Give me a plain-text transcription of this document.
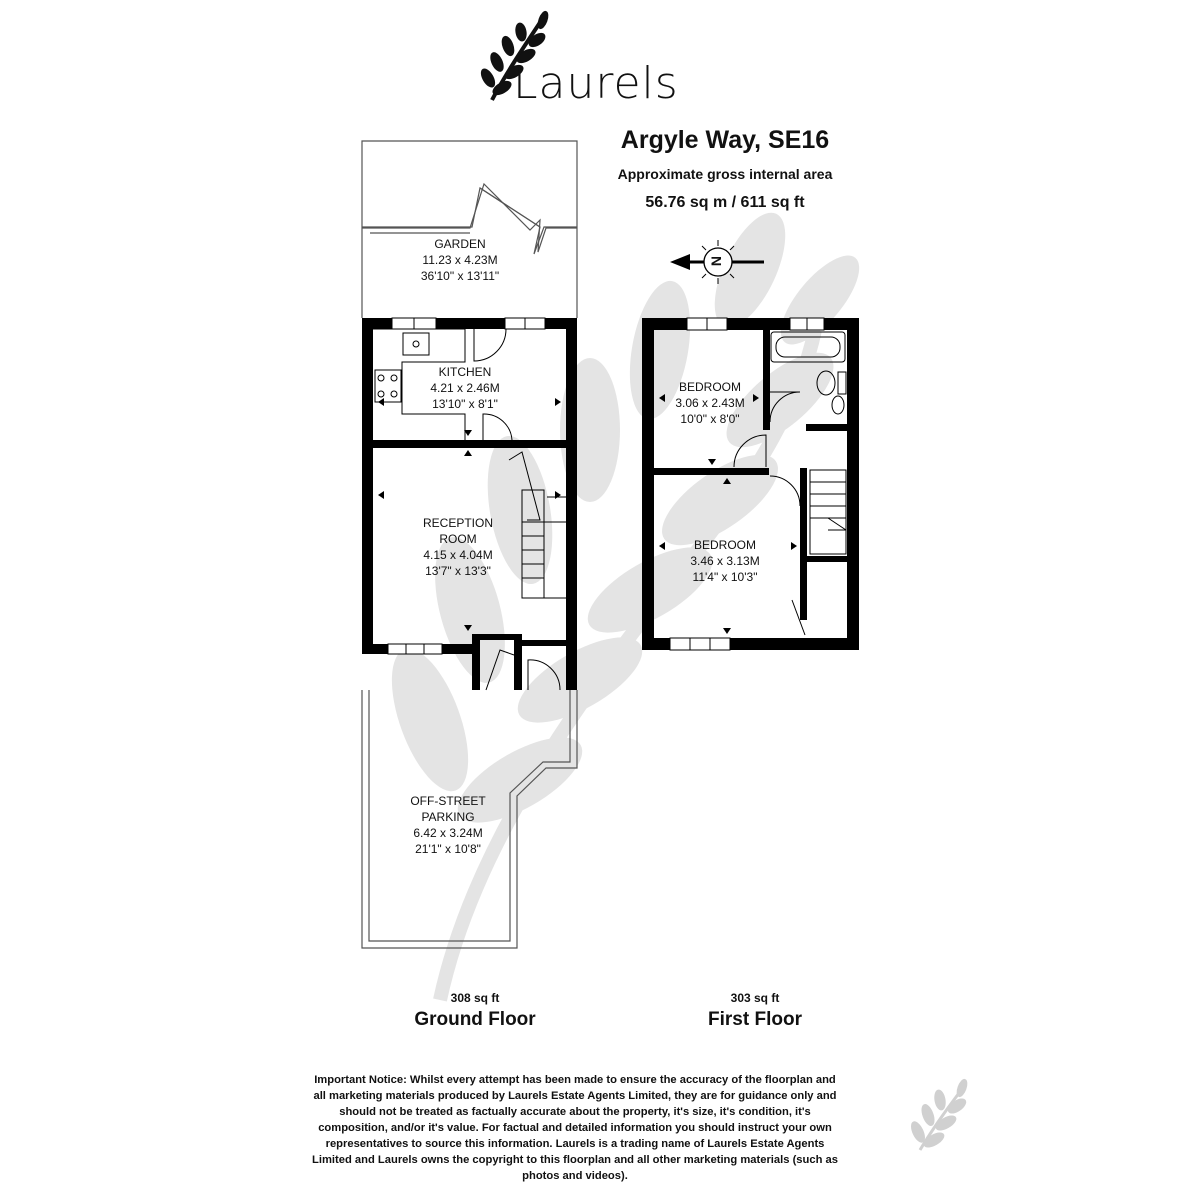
Laurels
Argyle Way, SE16
Approximate gross internal area
56.76 sq m / 611 sq ft
N
GARDEN
11.23 x 4.23M
36'10" x 13'11"
KITCHEN
4.21 x 2.46M
13'10" x 8'1"
RECEPTION
ROOM
4.15 x 4.04M
13'7" x 13'3"
OFF-STREET
PARKING
6.42 x 3.24M
21'1" x 10'8"
BEDROOM
3.06 x 2.43M
10'0" x 8'0"
BEDROOM
3.46 x 3.13M
11'4" x 10'3"
308 sq ft
Ground Floor
303 sq ft
First Floor
Important Notice: Whilst every attempt has been made to ensure the accuracy of the floorplan and all marketing materials produced by Laurels Estate Agents Limited, they are for guidance only and should not be treated as factually accurate about the property, it's size, it's condition, it's composition, and/or it's value. For factual and detailed information you should instruct your own representatives to source this information. Laurels is a trading name of Laurels Estate Agents Limited and Laurels owns the copyright to this floorplan and all other marketing materials (such as photos and videos).
